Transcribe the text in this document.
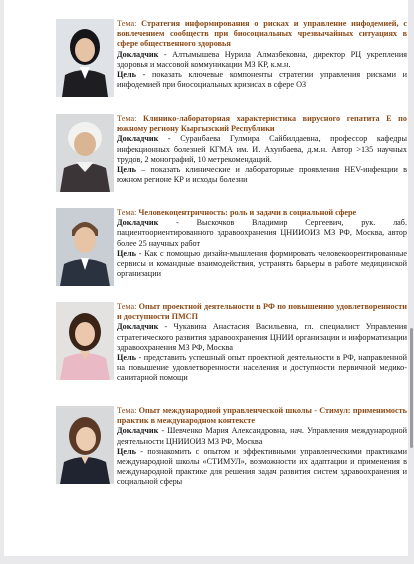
Тема: Стратегия информирования о рисках и управление инфодемией, с вовлечением сообществ при биосоциальных чрезвычайных ситуациях в сфере общественного здоровья
Докладчик - Алтымышева Нурила Алмазбековна, директор РЦ укрепления здоровья и массовой коммуникации МЗ КР, к.м.н.
Цель - показать ключевые компоненты стратегии управления рисками и инфодемией при биосоциальных кризисах в сфере ОЗ
Тема: Клинико-лабораторная характеристика вирусного гепатита Е по южному региону Кыргызский Республики
Докладчик - Суранбаева Гулмира Сайбилдаевна, профессор кафедры инфекционных болезней КГМА им. И. Ахунбаева, д.м.н. Автор >135 научных трудов, 2 монографий, 10 метрекомендаций.
Цель – показать клинические и лабораторные проявления HEV-инфекции в южном регионе КР и исходы болезни
Тема: Человекоцентричность: роль и задачи в социальной сфере
Докладчик - Выскочков Владимир Сергеевич, рук. лаб. пациентоориентированного здравоохранения ЦНИИОИЗ МЗ РФ, Москва, автор более 25 научных работ
Цель - Как с помощью дизайн-мышления формировать человекоорентированные сервисы и командные взаимодействия, устранять барьеры в работе медицинской организации
Тема: Опыт проектной деятельности в РФ по повышению удовлетворенности и доступности ПМСП
Докладчик - Чукавина Анастасия Васильевна, гл. специалист Управления стратегического развития здравоохранения ЦНИИ организации и информатизации здравоохранения МЗ РФ, Москва
Цель - представить успешный опыт проектной деятельности в РФ, направленной на повышение удовлетворенности населения и доступности первичной медико-санитарной помощи
Тема: Опыт международной управленческой школы - Стимул: применимость практик в международном контексте
Докладчик - Шевченко Мария Александровна, нач. Управления международной деятельности ЦНИИОИЗ МЗ РФ, Москва
Цель - познакомить с опытом и эффективными управленческими практиками международной школы «СТИМУЛ», возможности их адаптации и применения в международной практике для решения задач развития систем здравоохранения и социальной сферы
